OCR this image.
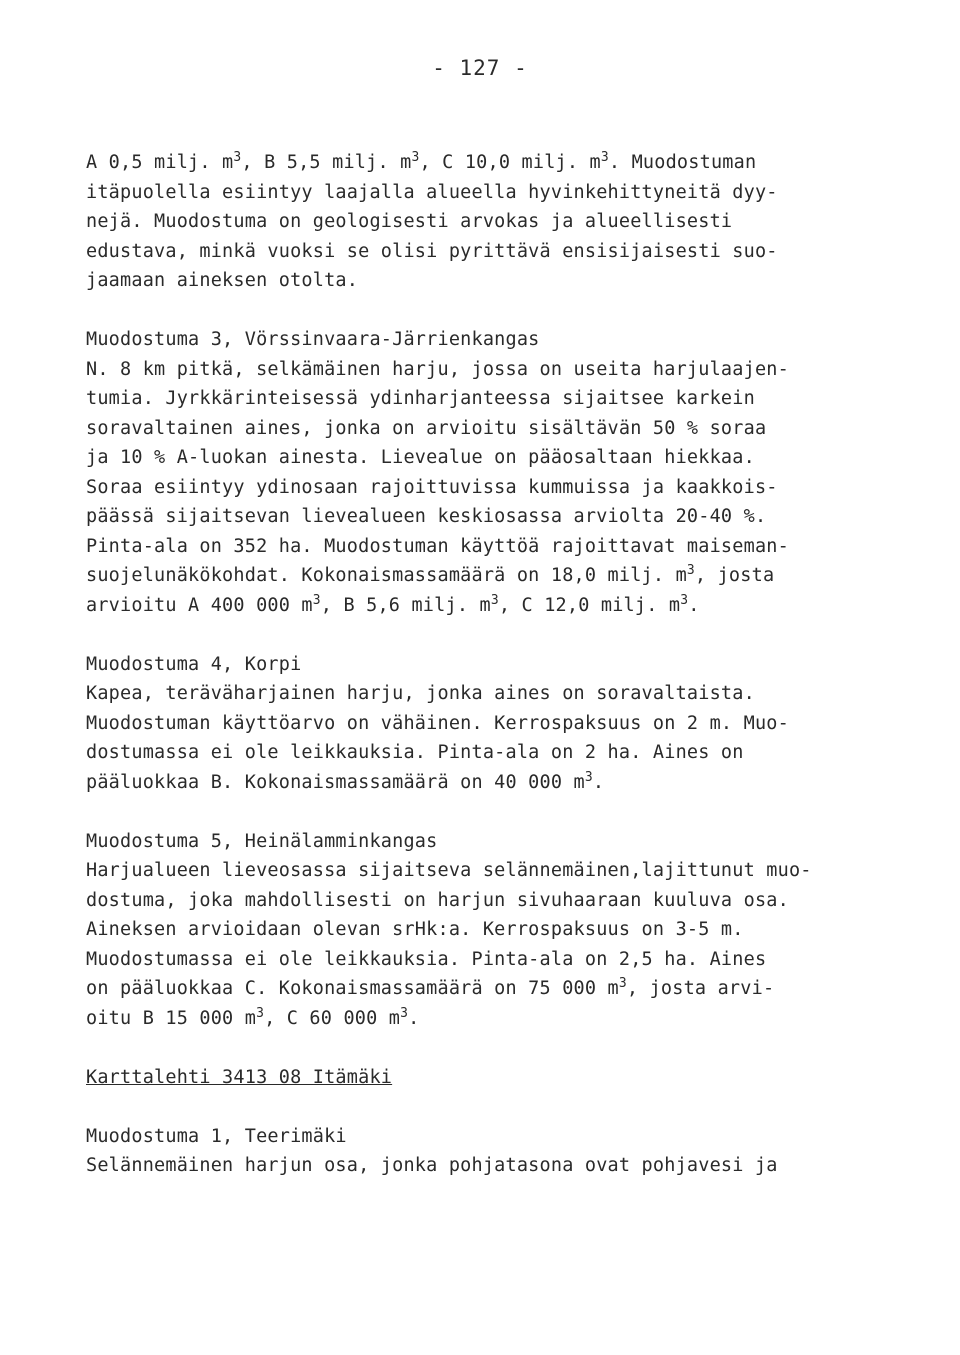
- 127 -
A 0,5 milj. $m^3$, B 5,5 milj. $m^3$, C 10,0 milj. $m^3$. Muodostuman
itäpuolella esiintyy laajalla alueella hyvinkehittyneitä dyy-
nejä. Muodostuma on geologisesti arvokas ja alueellisesti
edustava, minkä vuoksi se olisi pyrittävä ensisijaisesti suo-
jaamaan aineksen otolta.
Muodostuma 3, Vörssinvaara-Järrienkangas
N. 8 km pitkä, selkämäinen harju, jossa on useita harjulaajen-
tumia. Jyrkkärinteisessä ydinharjanteessa sijaitsee karkein
soravaltainen aines, jonka on arvioitu sisältävän 50 % soraa
ja 10 % A-luokan ainesta. Lievealue on pääosaltaan hiekkaa.
Soraa esiintyy ydinosaan rajoittuvissa kummuissa ja kaakkois-
päässä sijaitsevan lievealueen keskiosassa arviolta 20-40 %.
Pinta-ala on 352 ha. Muodostuman käyttöä rajoittavat maiseman-
suojelunäkökohdat. Kokonaismassamäärä on 18,0 milj. $m^3$, josta
arvioitu A 400 000 $m^3$, B 5,6 milj. $m^3$, C 12,0 milj. $m^3$.
Muodostuma 4, Korpi
Kapea, teräväharjainen harju, jonka aines on soravaltaista.
Muodostuman käyttöarvo on vähäinen. Kerrospaksuus on 2 m. Muo-
dostumassa ei ole leikkauksia. Pinta-ala on 2 ha. Aines on
pääluokkaa B. Kokonaismassamäärä on 40 000 $m^3$.
Muodostuma 5, Heinälamminkangas
Harjualueen lieveosassa sijaitseva selännemäinen,lajittunut muo-
dostuma, joka mahdollisesti on harjun sivuhaaraan kuuluva osa.
Aineksen arvioidaan olevan srHk:a. Kerrospaksuus on 3-5 m.
Muodostumassa ei ole leikkauksia. Pinta-ala on 2,5 ha. Aines
on pääluokkaa C. Kokonaismassamäärä on 75 000 $m^3$, josta arvi-
oitu B 15 000 $m^3$, C 60 000 $m^3$.
Karttalehti 3413 08 Itämäki
Muodostuma 1, Teerimäki
Selännemäinen harjun osa, jonka pohjatasona ovat pohjavesi ja
